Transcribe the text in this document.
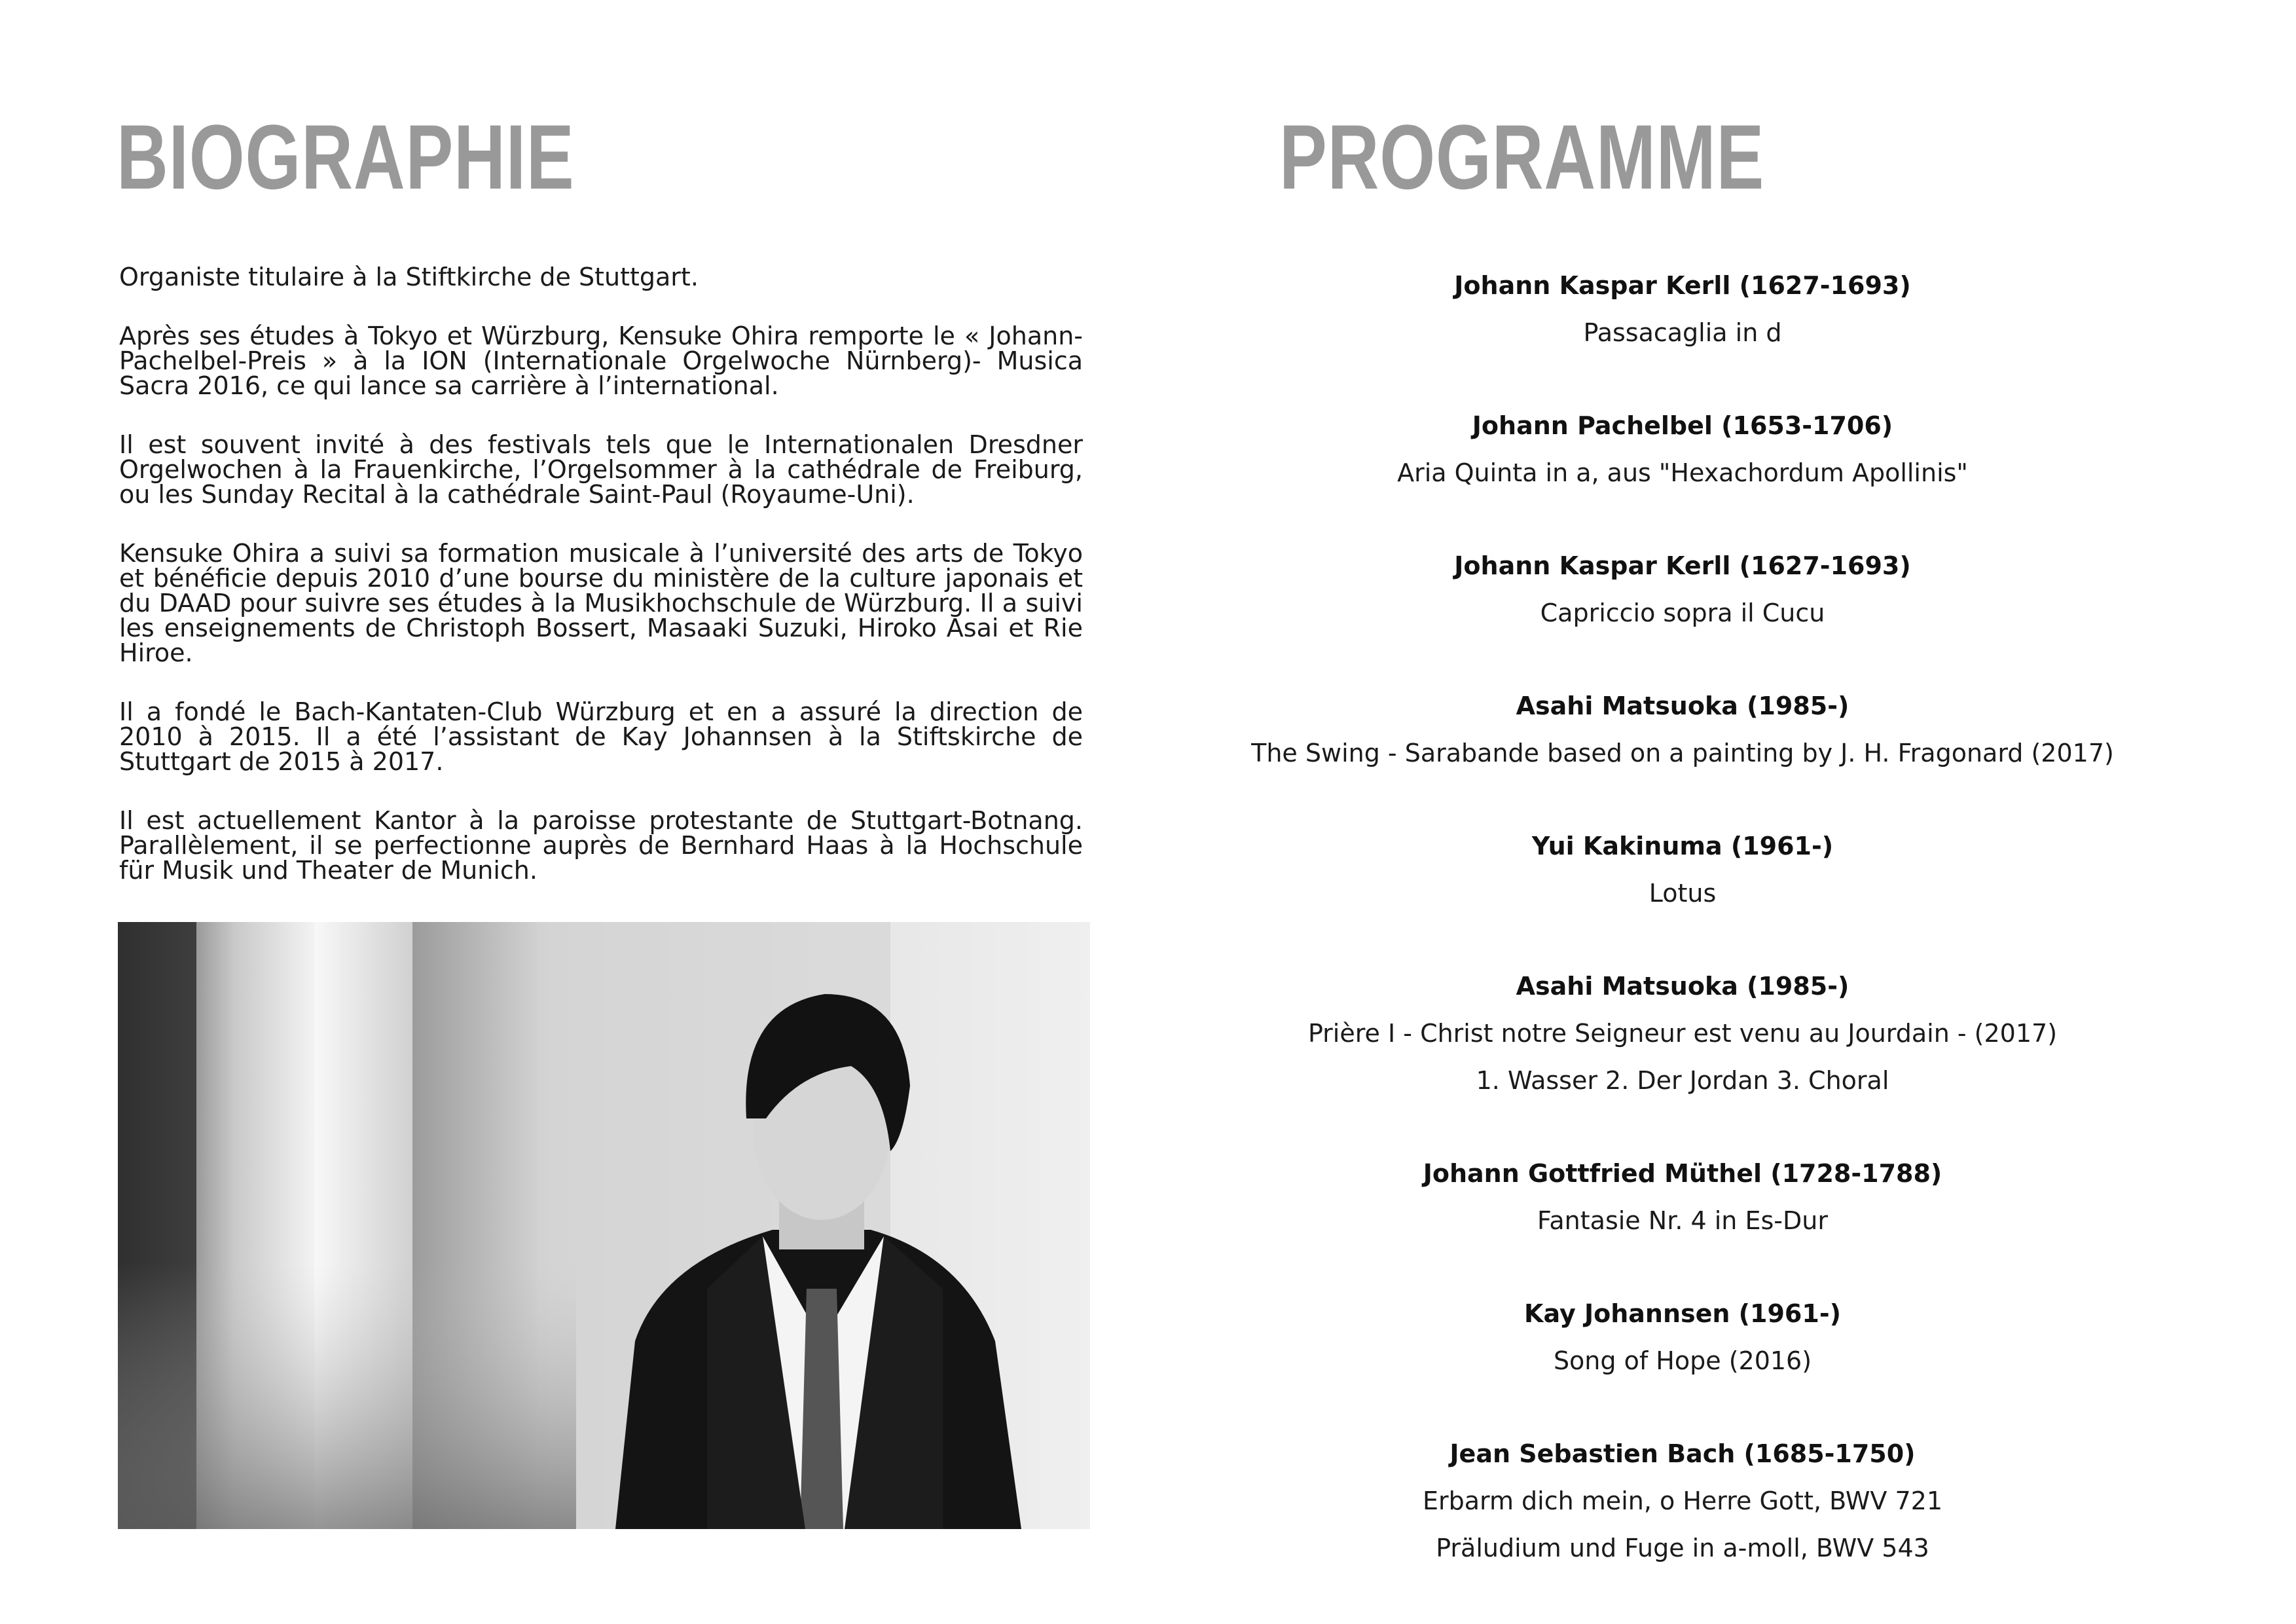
BIOGRAPHIE	PROGRAMME

Organiste titulaire à la Stiftkirche de Stuttgart.

Après ses études à Tokyo et Würzburg, Kensuke Ohira remporte le « Johann-Pachelbel-Preis » à la ION (Internationale Orgelwoche Nürnberg)- Musica Sacra 2016, ce qui lance sa carrière à l’international.

Il est souvent invité à des festivals tels que le Internationalen Dresdner Orgelwochen à la Frauenkirche, l’Orgelsommer à la cathédrale de Freiburg, ou les Sunday Recital à la cathédrale Saint-Paul (Royaume-Uni).

Kensuke Ohira a suivi sa formation musicale à l’université des arts de Tokyo et bénéficie depuis 2010 d’une bourse du ministère de la culture japonais et du DAAD pour suivre ses études à la Musikhochschule de Würzburg. Il a suivi les enseignements de Christoph Bossert, Masaaki Suzuki, Hiroko Asai et Rie Hiroe.

Il a fondé le Bach-Kantaten-Club Würzburg et en a assuré la direction de 2010 à 2015. Il a été l’assistant de Kay Johannsen à la Stiftskirche de Stuttgart de 2015 à 2017.

Il est actuellement Kantor à la paroisse protestante de Stuttgart-Botnang. Parallèlement, il se perfectionne auprès de Bernhard Haas à la Hochschule für Musik und Theater de Munich.

Johann Kaspar Kerll (1627-1693)
Passacaglia in d
Johann Pachelbel (1653-1706)
Aria Quinta in a, aus "Hexachordum Apollinis"
Johann Kaspar Kerll (1627-1693)
Capriccio sopra il Cucu
Asahi Matsuoka (1985-)
The Swing - Sarabande based on a painting by J. H. Fragonard (2017)
Yui Kakinuma (1961-)
Lotus
Asahi Matsuoka (1985-)
Prière I - Christ notre Seigneur est venu au Jourdain - (2017)
1. Wasser 2. Der Jordan 3. Choral
Johann Gottfried Müthel (1728-1788)
Fantasie Nr. 4 in Es-Dur
Kay Johannsen (1961-)
Song of Hope (2016)
Jean Sebastien Bach (1685-1750)
Erbarm dich mein, o Herre Gott, BWV 721
Präludium und Fuge in a-moll, BWV 543
